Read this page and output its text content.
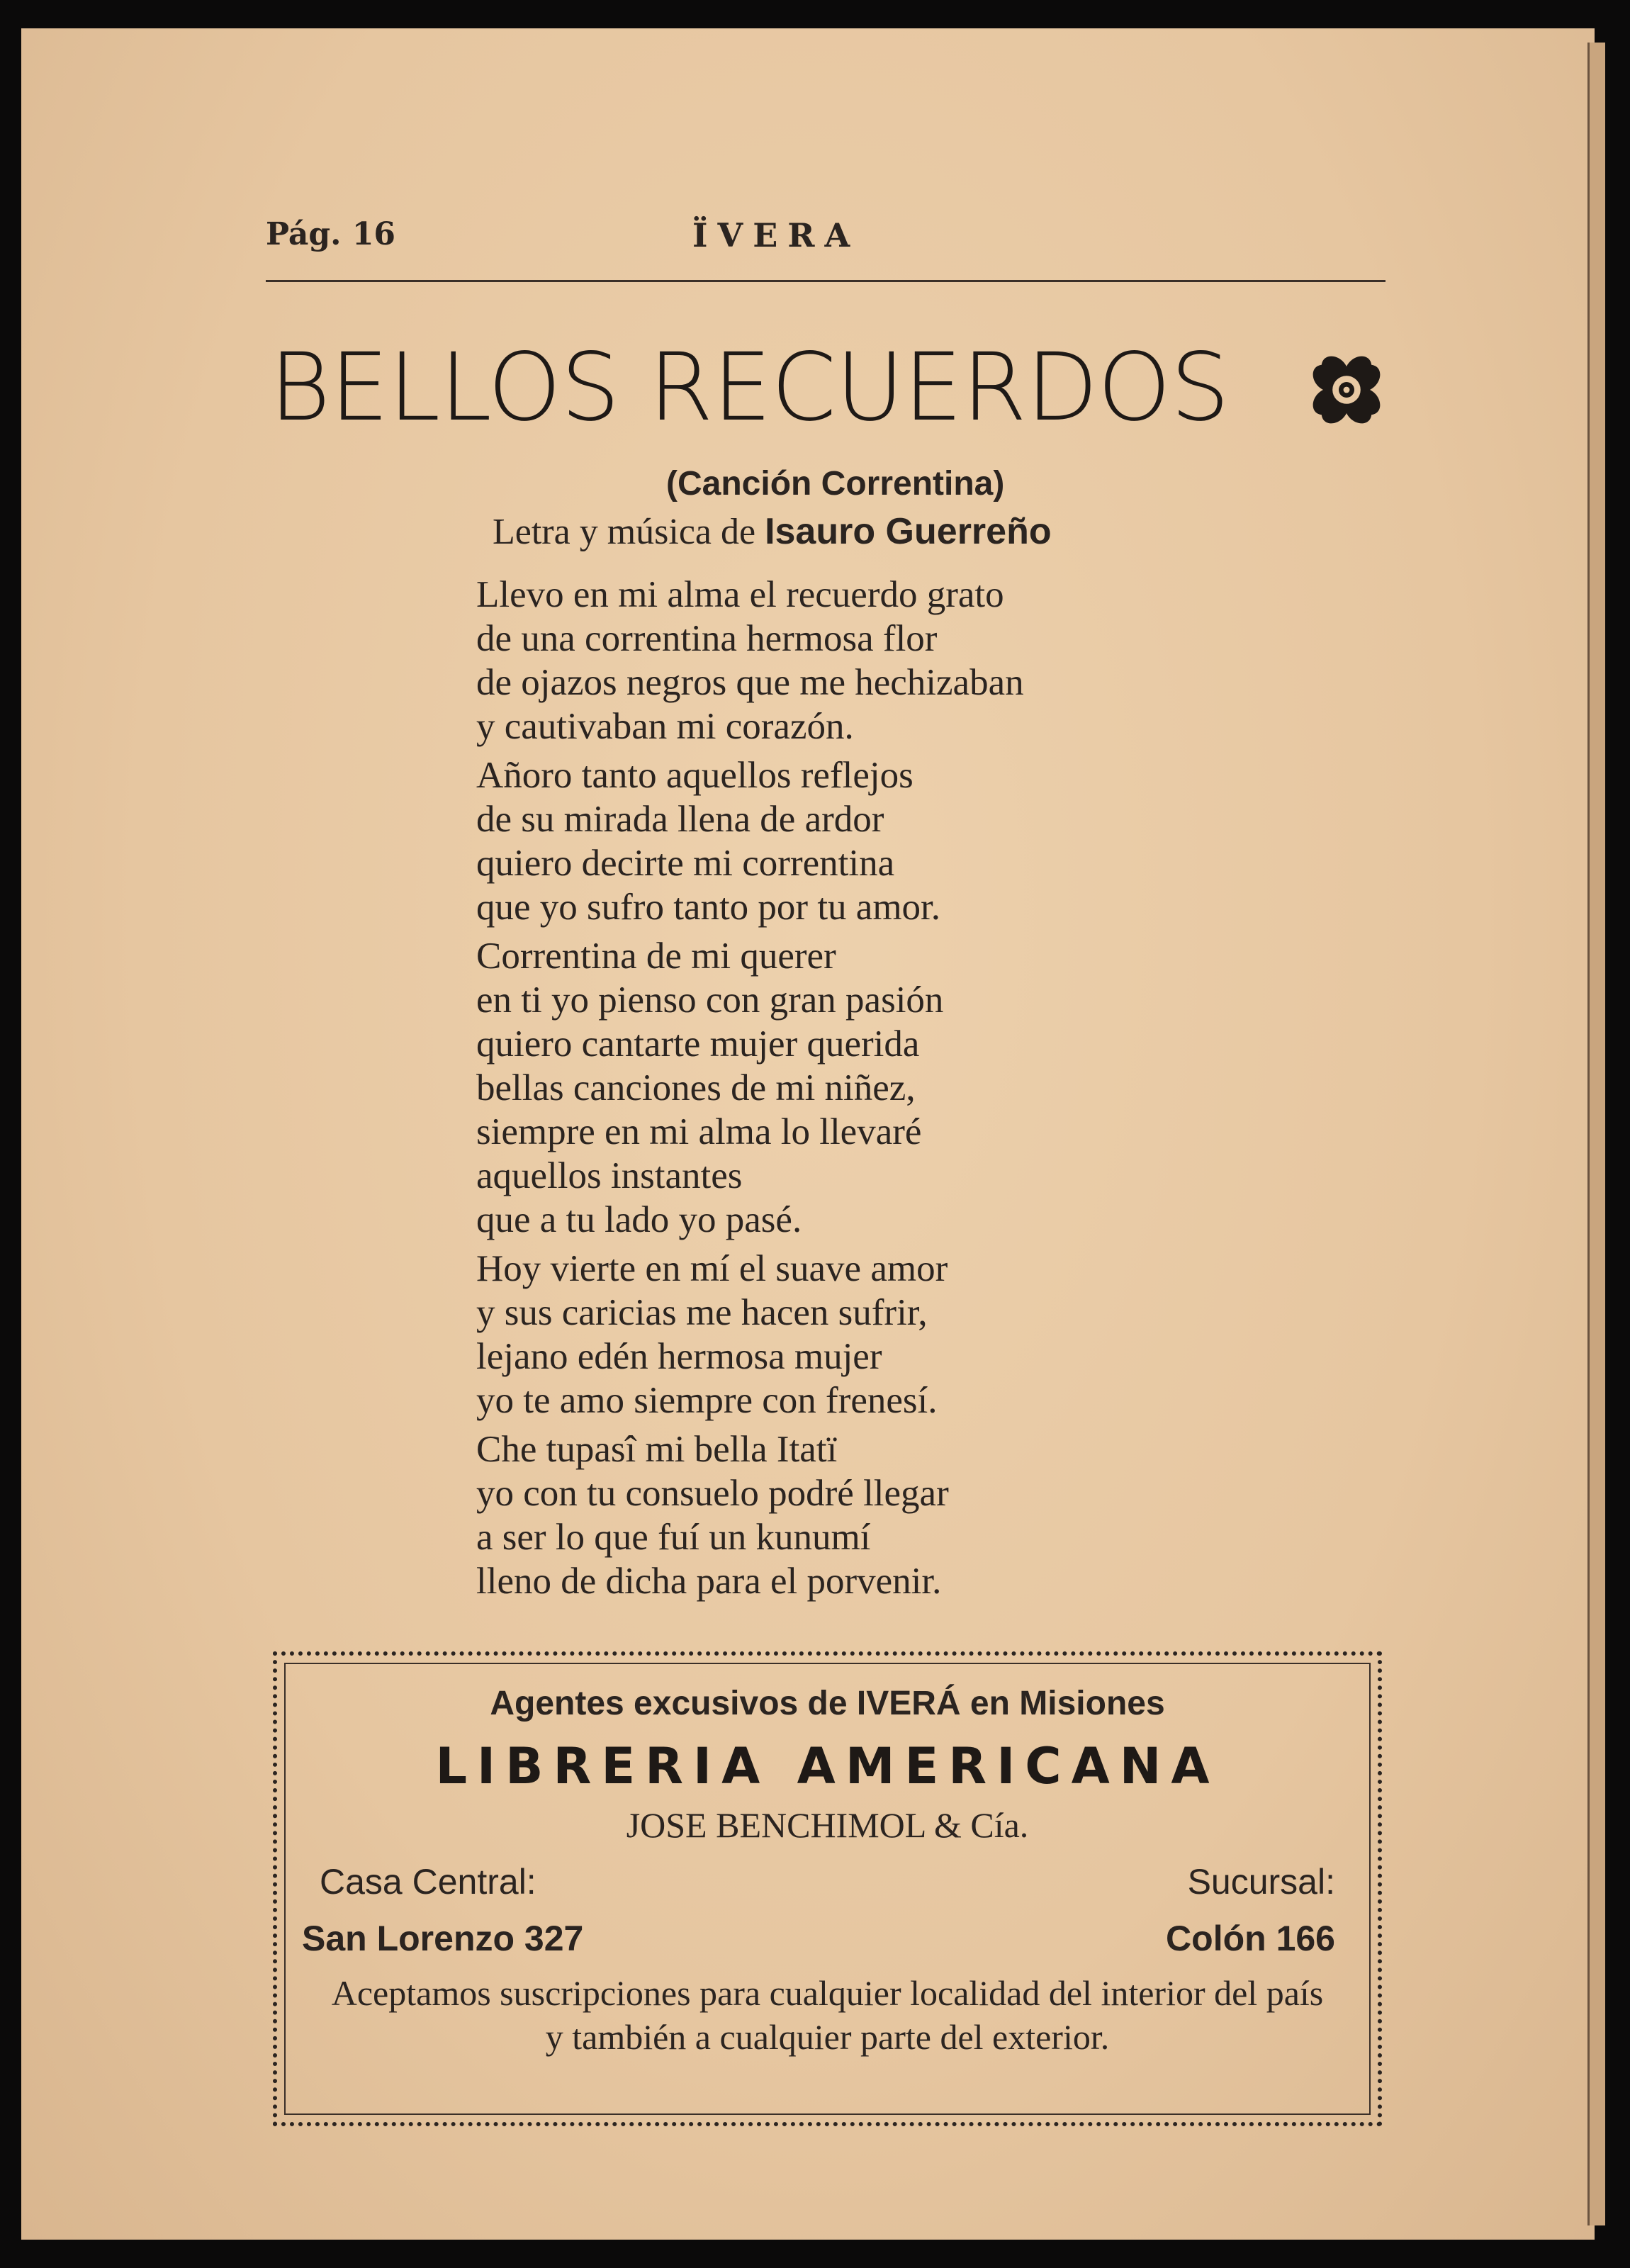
Pág. 16	ÏVERA
BELLOS RECUERDOS
(Canción Correntina)
Letra y música de Isauro Guerreño
Llevo en mi alma el recuerdo grato
de una correntina hermosa flor
de ojazos negros que me hechizaban
y cautivaban mi corazón.
Añoro tanto aquellos reflejos
de su mirada llena de ardor
quiero decirte mi correntina
que yo sufro tanto por tu amor.
Correntina de mi querer
en ti yo pienso con gran pasión
quiero cantarte mujer querida
bellas canciones de mi niñez,
siempre en mi alma lo llevaré
aquellos instantes
que a tu lado yo pasé.
Hoy vierte en mí el suave amor
y sus caricias me hacen sufrir,
lejano edén hermosa mujer
yo te amo siempre con frenesí.
Che tupasî mi bella Itatï
yo con tu consuelo podré llegar
a ser lo que fuí un kunumí
lleno de dicha para el porvenir.
Agentes excusivos de IVERÁ en Misiones
LIBRERIA AMERICANA
JOSE BENCHIMOL & Cía.
Casa Central:	Sucursal:
San Lorenzo 327	Colón 166
Aceptamos suscripciones para cualquier localidad del interior del país y también a cualquier parte del exterior.
